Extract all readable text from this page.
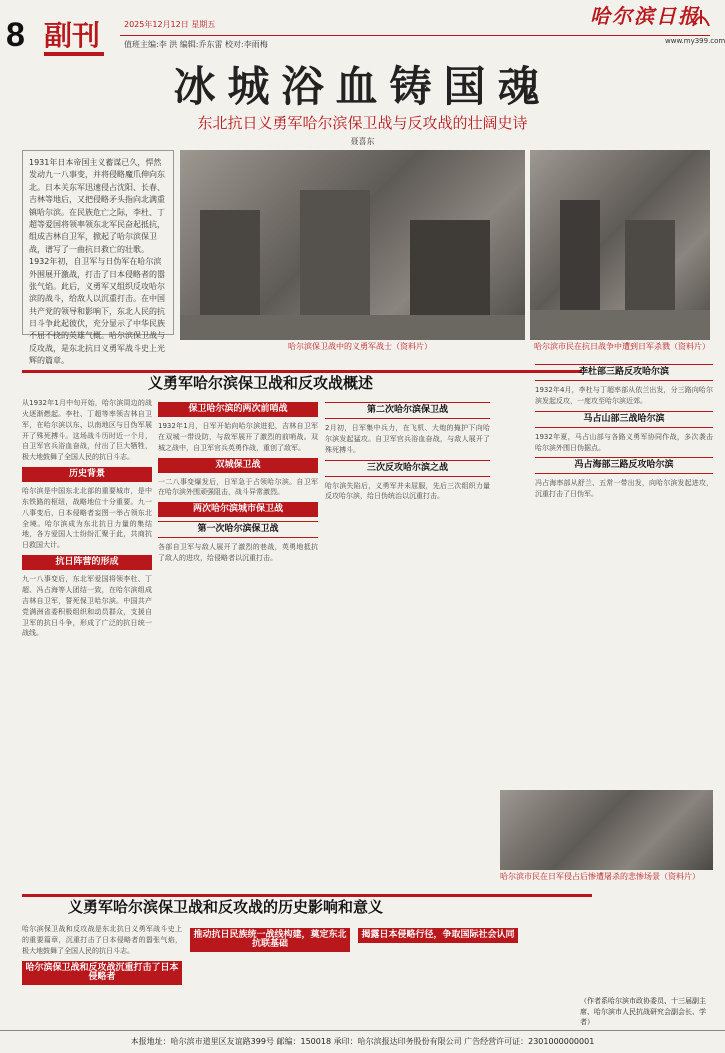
8 副刊	2025年12月12日 星期五
值班主编:李 洪 编辑:乔东雷 校对:李雨梅
哈尔滨日报
www.my399.com
冰城浴血铸国魂
东北抗日义勇军哈尔滨保卫战与反攻战的壮阔史诗
聂喜东
1931年日本帝国主义蓄谋已久，悍然发动九一八事变，并将侵略魔爪伸向东北。日本关东军迅速侵占沈阳、长春、吉林等地后，又把侵略矛头指向北满重镇哈尔滨。在民族危亡之际，李杜、丁超等爱国将领率领东北军民奋起抵抗，组成吉林自卫军，掀起了哈尔滨保卫战，谱写了一曲抗日救亡的壮歌。1932年初，自卫军与日伪军在哈尔滨外围展开激战，打击了日本侵略者的嚣张气焰。此后，义勇军又组织反攻哈尔滨的战斗，给敌人以沉重打击。在中国共产党的领导和影响下，东北人民的抗日斗争此起彼伏，充分显示了中华民族不屈不挠的英雄气概。哈尔滨保卫战与反攻战，是东北抗日义勇军战斗史上光辉的篇章。
哈尔滨保卫战中的义勇军战士（资料片）	哈尔滨市民在抗日战争中遭到日军杀戮（资料片）
义勇军哈尔滨保卫战和反攻战概述

从1932年1月中旬开始，哈尔滨周边的战火逐渐燃起。李杜、丁超等率领吉林自卫军，在哈尔滨以东、以南地区与日伪军展开了殊死搏斗。这场战斗历时近一个月，自卫军官兵浴血奋战，付出了巨大牺牲，极大地鼓舞了全国人民的抗日斗志。

历史背景

哈尔滨是中国东北北部的重要城市，是中东铁路的枢纽，战略地位十分重要。九一八事变后，日本侵略者妄图一举占领东北全境。哈尔滨成为东北抗日力量的集结地，各方爱国人士纷纷汇聚于此，共商抗日救国大计。

抗日阵营的形成

九一八事变后，东北军爱国将领李杜、丁超、冯占海等人团结一致，在哈尔滨组成吉林自卫军，誓死保卫哈尔滨。中国共产党满洲省委积极组织和动员群众，支援自卫军的抗日斗争，形成了广泛的抗日统一战线。

保卫哈尔滨的两次前哨战

1932年1月，日军开始向哈尔滨进犯，吉林自卫军在双城一带设防，与敌军展开了激烈的前哨战。双城之战中，自卫军官兵英勇作战，重创了敌军。

双城保卫战

一二八事变爆发后，日军急于占领哈尔滨。自卫军在哈尔滨外围顽强阻击，战斗异常激烈。

两次哈尔滨城市保卫战
第一次哈尔滨保卫战

各部自卫军与敌人展开了激烈的巷战，英勇地抵抗了敌人的进攻，给侵略者以沉重打击。

第二次哈尔滨保卫战

2月初，日军集中兵力，在飞机、大炮的掩护下向哈尔滨发起猛攻。自卫军官兵浴血奋战，与敌人展开了殊死搏斗。

三次反攻哈尔滨之战

哈尔滨失陷后，义勇军并未屈服，先后三次组织力量反攻哈尔滨，给日伪统治以沉重打击。

李杜部三路反攻哈尔滨

1932年4月，李杜与丁超率部从依兰出发，分三路向哈尔滨发起反攻，一度攻至哈尔滨近郊。

马占山部三战哈尔滨

1932年夏，马占山部与各路义勇军协同作战，多次袭击哈尔滨外围日伪据点。

冯占海部三路反攻哈尔滨

冯占海率部从舒兰、五常一带出发，向哈尔滨发起进攻，沉重打击了日伪军。

哈尔滨市民在日军侵占后惨遭屠杀的悲惨场景（资料片）
义勇军哈尔滨保卫战和反攻战的历史影响和意义

哈尔滨保卫战和反攻战是东北抗日义勇军战斗史上的重要篇章，沉重打击了日本侵略者的嚣张气焰，极大地鼓舞了全国人民的抗日斗志。

哈尔滨保卫战和反攻战沉重打击了日本侵略者
推动抗日民族统一战线构建，奠定东北抗联基础
揭露日本侵略行径，争取国际社会认同
（作者系哈尔滨市政协委员、十三届副主席、哈尔滨市人民抗战研究会副会长、学者）
本报地址：哈尔滨市道里区友谊路399号 邮编：150018 承印：哈尔滨报达印务股份有限公司 广告经营许可证：2301000000001
